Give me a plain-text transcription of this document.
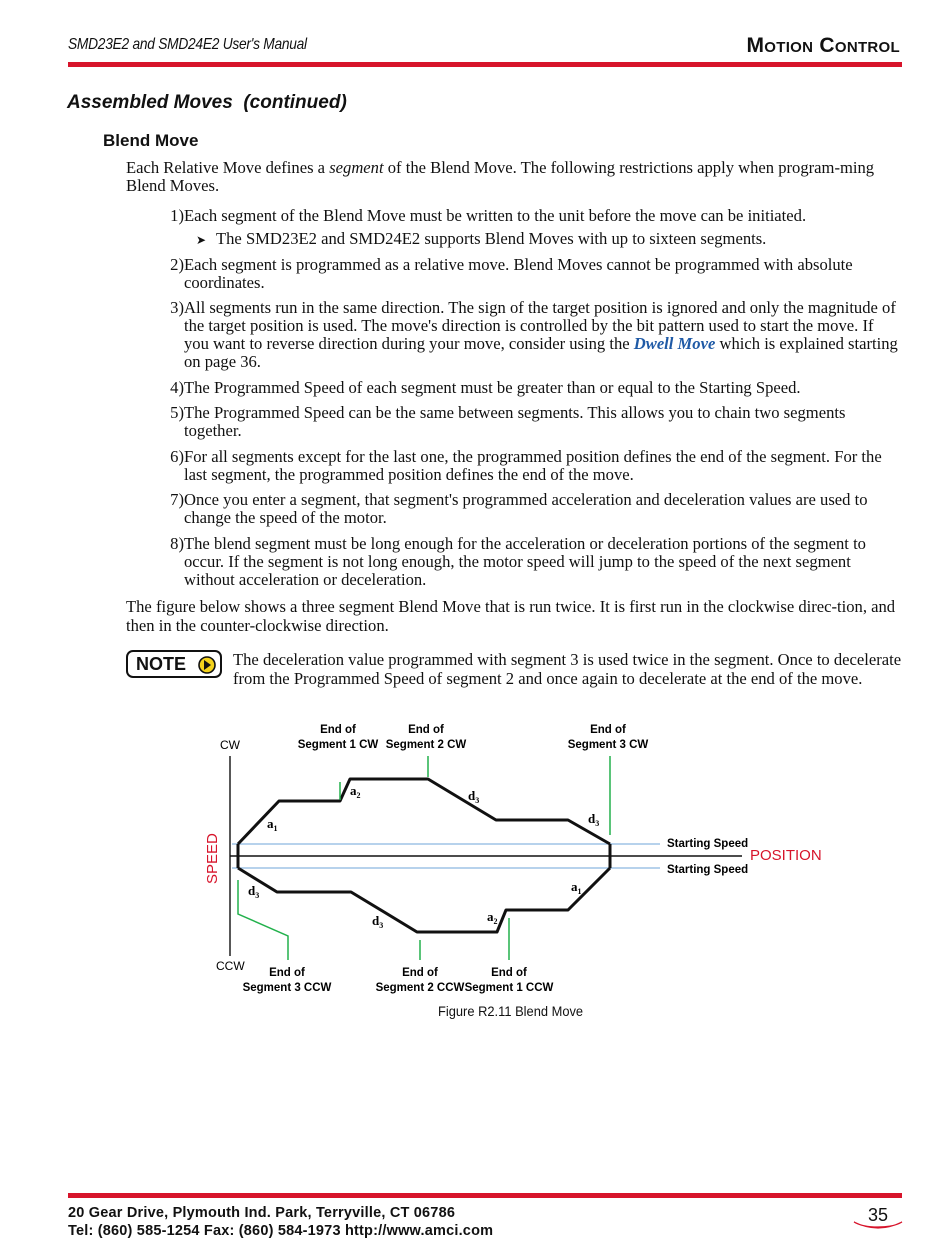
SMD23E2 and SMD24E2 User's Manual	Motion Control
Assembled Moves  (continued)
Blend Move
Each Relative Move defines a segment of the Blend Move. The following restrictions apply when program-ming Blend Moves.
1) Each segment of the Blend Move must be written to the unit before the move can be initiated.
➤ The SMD23E2 and SMD24E2 supports Blend Moves with up to sixteen segments.
2) Each segment is programmed as a relative move. Blend Moves cannot be programmed with absolute coordinates.
3) All segments run in the same direction. The sign of the target position is ignored and only the magnitude of the target position is used. The move's direction is controlled by the bit pattern used to start the move. If you want to reverse direction during your move, consider using the Dwell Move which is explained starting on page 36.
4) The Programmed Speed of each segment must be greater than or equal to the Starting Speed.
5) The Programmed Speed can be the same between segments. This allows you to chain two segments together.
6) For all segments except for the last one, the programmed position defines the end of the segment. For the last segment, the programmed position defines the end of the move.
7) Once you enter a segment, that segment's programmed acceleration and deceleration values are used to change the speed of the motor.
8) The blend segment must be long enough for the acceleration or deceleration portions of the segment to occur. If the segment is not long enough, the motor speed will jump to the speed of the next segment without acceleration or deceleration.
The figure below shows a three segment Blend Move that is run twice. It is first run in the clockwise direc-tion, and then in the counter-clockwise direction.
NOTE	The deceleration value programmed with segment 3 is used twice in the segment. Once to decelerate from the Programmed Speed of segment 2 and once again to decelerate at the end of the move.
CW
CCW
SPEED	POSITION
Starting Speed
Starting Speed
End of
Segment 1 CW
End of
Segment 2 CW
End of
Segment 3 CW
End of
Segment 3 CCW
End of
Segment 2 CCW
End of
Segment 1 CCW
$a_1$
$a_2$	$d_3$
$d_3$
$d_3$
$d_3$
$a_2$
$a_1$
Figure R2.11 Blend Move
20 Gear Drive, Plymouth Ind. Park, Terryville, CT 06786
Tel: (860) 585-1254 Fax: (860) 584-1973 http://www.amci.com
35
